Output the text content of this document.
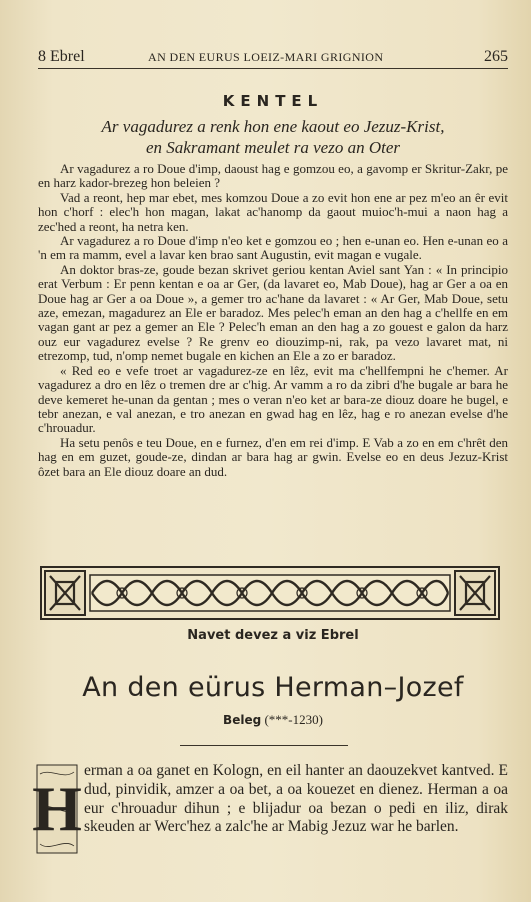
8 Ebrel	AN DEN EURUS LOEIZ-MARI GRIGNION	265
KENTEL
Ar vagadurez a renk hon ene kaout eo Jezuz-Krist,
en Sakramant meulet ra vezo an Oter

Ar vagadurez a ro Doue d'imp, daoust hag e gomzou eo, a gavomp er Skritur-Zakr, pe en harz kador-brezeg hon beleien ?

Vad a reont, hep mar ebet, mes komzou Doue a zo evit hon ene ar pez m'eo an êr evit hon c'horf : elec'h hon magan, lakat ac'hanomp da gaout muioc'h-mui a naon hag a zec'hed a reont, ha netra ken.

Ar vagadurez a ro Doue d'imp n'eo ket e gomzou eo ; hen e-unan eo. Hen e-unan eo a 'n em ra mamm, evel a lavar ken brao sant Augustin, evit magan e vugale.

An doktor bras-ze, goude bezan skrivet geriou kentan Aviel sant Yan : « In principio erat Verbum : Er penn kentan e oa ar Ger, (da lavaret eo, Mab Doue), hag ar Ger a oa en Doue hag ar Ger a oa Doue », a gemer tro ac'hane da lavaret : « Ar Ger, Mab Doue, setu aze, emezan, magadurez an Ele er baradoz. Mes pelec'h eman an den hag a c'hellfe en em vagan gant ar pez a gemer an Ele ? Pelec'h eman an den hag a zo gouest e galon da harz ouz eur vagadurez evelse ? Re grenv eo diouzimp-ni, rak, pa vezo lavaret mat, ni etrezomp, tud, n'omp nemet bugale en kichen an Ele a zo er baradoz.

« Red eo e vefe troet ar vagadurez-ze en lêz, evit ma c'hellfempni he c'hemer. Ar vagadurez a dro en lêz o tremen dre ar c'hig. Ar vamm a ro da zibri d'he bugale ar bara he deve kemeret he-unan da gentan ; mes o veran n'eo ket ar bara-ze diouz doare he bugel, e tebr anezan, e val anezan, e tro anezan en gwad hag en lêz, hag e ro anezan evelse d'he c'hrouadur.

Ha setu penôs e teu Doue, en e furnez, d'en em rei d'imp. E Vab a zo en em c'hrêt den hag en em guzet, goude-ze, dindan ar bara hag ar gwin. Evelse eo en deus Jezuz-Krist ôzet bara an Ele diouz doare an dud.

Navet devez a viz Ebrel
An den eürus Herman–Jozef
Beleg (***-1230)
H

erman a oa ganet en Kologn, en eil hanter an daouzekvet kantved. E dud, pinvidik, amzer a oa bet, a oa kouezet en dienez. Herman a oa eur c'hrouadur dihun ; e blijadur oa bezan o pedi en iliz, dirak skeuden ar Werc'hez a zalc'he ar Mabig Jezuz war he barlen.
